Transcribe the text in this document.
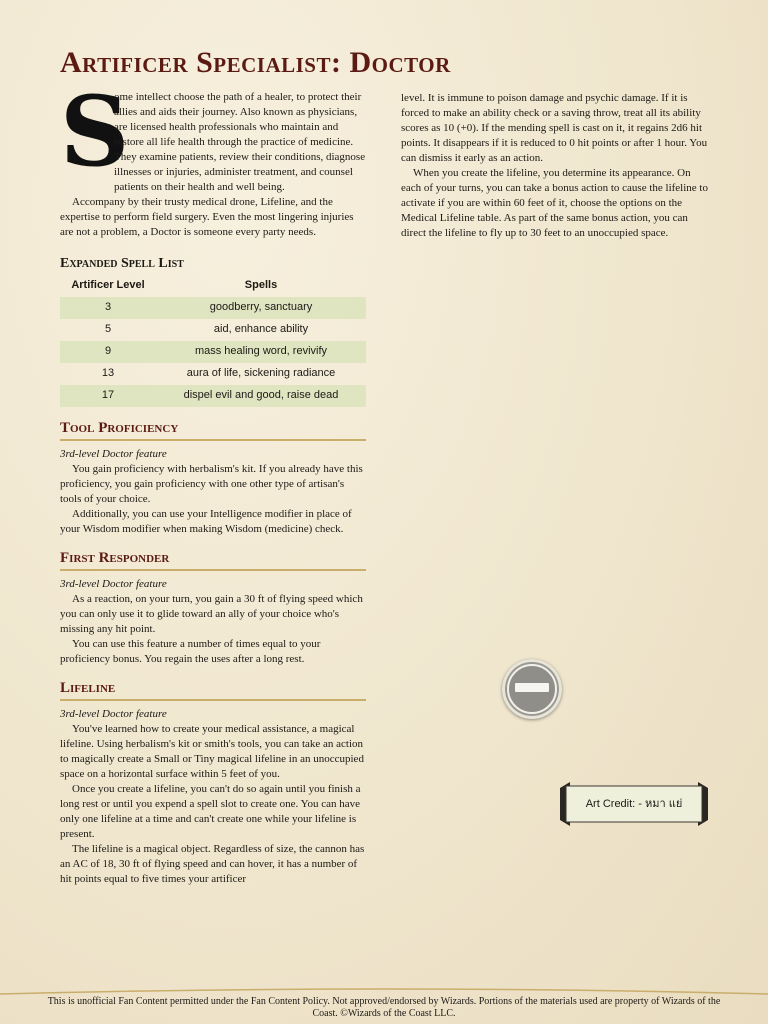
Artificer Specialist: Doctor
S

ome intellect choose the path of a healer, to protect their allies and aids their journey. Also known as physicians, are licensed health professionals who maintain and restore all life health through the practice of medicine. They examine patients, review their conditions, diagnose illnesses or injuries, administer treatment, and counsel patients on their health and well being.

Accompany by their trusty medical drone, Lifeline, and the expertise to perform field surgery. Even the most lingering injuries are not a problem, a Doctor is someone every party needs.

Expanded Spell List
Artificer Level	Spells
3	goodberry, sanctuary
5	aid, enhance ability
9	mass healing word, revivify
13	aura of life, sickening radiance
17	dispel evil and good, raise dead
Tool Proficiency

3rd-level Doctor feature

You gain proficiency with herbalism's kit. If you already have this proficiency, you gain proficiency with one other type of artisan's tools of your choice.

Additionally, you can use your Intelligence modifier in place of your Wisdom modifier when making Wisdom (medicine) check.

First Responder

3rd-level Doctor feature

As a reaction, on your turn, you gain a 30 ft of flying speed which you can only use it to glide toward an ally of your choice who's missing any hit point.

You can use this feature a number of times equal to your proficiency bonus. You regain the uses after a long rest.

Lifeline

3rd-level Doctor feature

You've learned how to create your medical assistance, a magical lifeline. Using herbalism's kit or smith's tools, you can take an action to magically create a Small or Tiny magical lifeline in an unoccupied space on a horizontal surface within 5 feet of you.

Once you create a lifeline, you can't do so again until you finish a long rest or until you expend a spell slot to create one. You can have only one lifeline at a time and can't create one while your lifeline is present.

The lifeline is a magical object. Regardless of size, the cannon has an AC of 18, 30 ft of flying speed and can hover, it has a number of hit points equal to five times your artificer

level. It is immune to poison damage and psychic damage. If it is forced to make an ability check or a saving throw, treat all its ability scores as 10 (+0). If the mending spell is cast on it, it regains 2d6 hit points. It disappears if it is reduced to 0 hit points or after 1 hour. You can dismiss it early as an action.

When you create the lifeline, you determine its appearance. On each of your turns, you can take a bonus action to cause the lifeline to activate if you are within 60 feet of it, choose the options on the Medical Lifeline table. As part of the same bonus action, you can direct the lifeline to fly up to 30 feet to an unoccupied space.

Art Credit: - หมา แย่
This is unofficial Fan Content permitted under the Fan Content Policy. Not approved/endorsed by Wizards. Portions of the materials used are property of Wizards of the Coast. ©Wizards of the Coast LLC.
